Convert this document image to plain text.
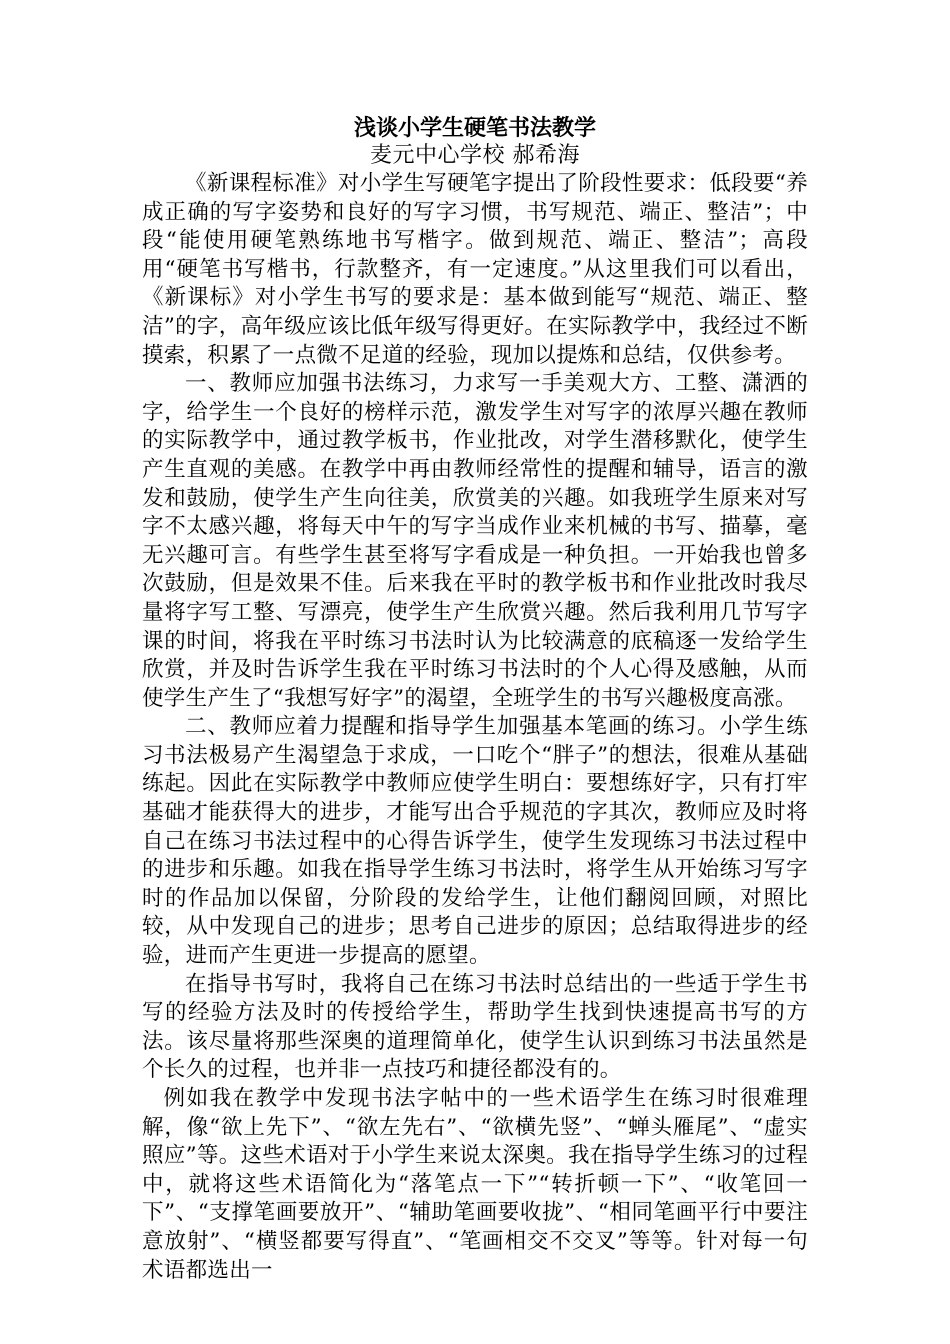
浅谈小学生硬笔书法教学
麦元中心学校 郝希海

《新课程标准》对小学生写硬笔字提出了阶段性要求：低段要“养成正确的写字姿势和良好的写字习惯，书写规范、端正、整洁”；中段“能使用硬笔熟练地书写楷字。做到规范、端正、整洁”；高段用“硬笔书写楷书，行款整齐，有一定速度。”从这里我们可以看出，《新课标》对小学生书写的要求是：基本做到能写“规范、端正、整洁”的字，高年级应该比低年级写得更好。在实际教学中，我经过不断摸索，积累了一点微不足道的经验，现加以提炼和总结，仅供参考。

一、教师应加强书法练习，力求写一手美观大方、工整、潇洒的字，给学生一个良好的榜样示范，激发学生对写字的浓厚兴趣在教师的实际教学中，通过教学板书，作业批改，对学生潜移默化，使学生产生直观的美感。在教学中再由教师经常性的提醒和辅导，语言的激发和鼓励，使学生产生向往美，欣赏美的兴趣。如我班学生原来对写字不太感兴趣，将每天中午的写字当成作业来机械的书写、描摹，毫无兴趣可言。有些学生甚至将写字看成是一种负担。一开始我也曾多次鼓励，但是效果不佳。后来我在平时的教学板书和作业批改时我尽量将字写工整、写漂亮，使学生产生欣赏兴趣。然后我利用几节写字课的时间，将我在平时练习书法时认为比较满意的底稿逐一发给学生欣赏，并及时告诉学生我在平时练习书法时的个人心得及感触，从而使学生产生了“我想写好字”的渴望，全班学生的书写兴趣极度高涨。

二、教师应着力提醒和指导学生加强基本笔画的练习。小学生练习书法极易产生渴望急于求成，一口吃个“胖子”的想法，很难从基础练起。因此在实际教学中教师应使学生明白：要想练好字，只有打牢基础才能获得大的进步，才能写出合乎规范的字其次，教师应及时将自己在练习书法过程中的心得告诉学生，使学生发现练习书法过程中的进步和乐趣。如我在指导学生练习书法时，将学生从开始练习写字时的作品加以保留，分阶段的发给学生，让他们翻阅回顾，对照比较，从中发现自己的进步；思考自己进步的原因；总结取得进步的经验，进而产生更进一步提高的愿望。

在指导书写时，我将自己在练习书法时总结出的一些适于学生书写的经验方法及时的传授给学生，帮助学生找到快速提高书写的方法。该尽量将那些深奥的道理简单化，使学生认识到练习书法虽然是个长久的过程，也并非一点技巧和捷径都没有的。

例如我在教学中发现书法字帖中的一些术语学生在练习时很难理解，像“欲上先下”、“欲左先右”、“欲横先竖”、“蝉头雁尾”、“虚实照应”等。这些术语对于小学生来说太深奥。我在指导学生练习的过程中，就将这些术语简化为“落笔点一下”“转折顿一下”、“收笔回一下”、“支撑笔画要放开”、“辅助笔画要收拢”、“相同笔画平行中要注意放射”、“横竖都要写得直”、“笔画相交不交叉”等等。针对每一句术语都选出一
